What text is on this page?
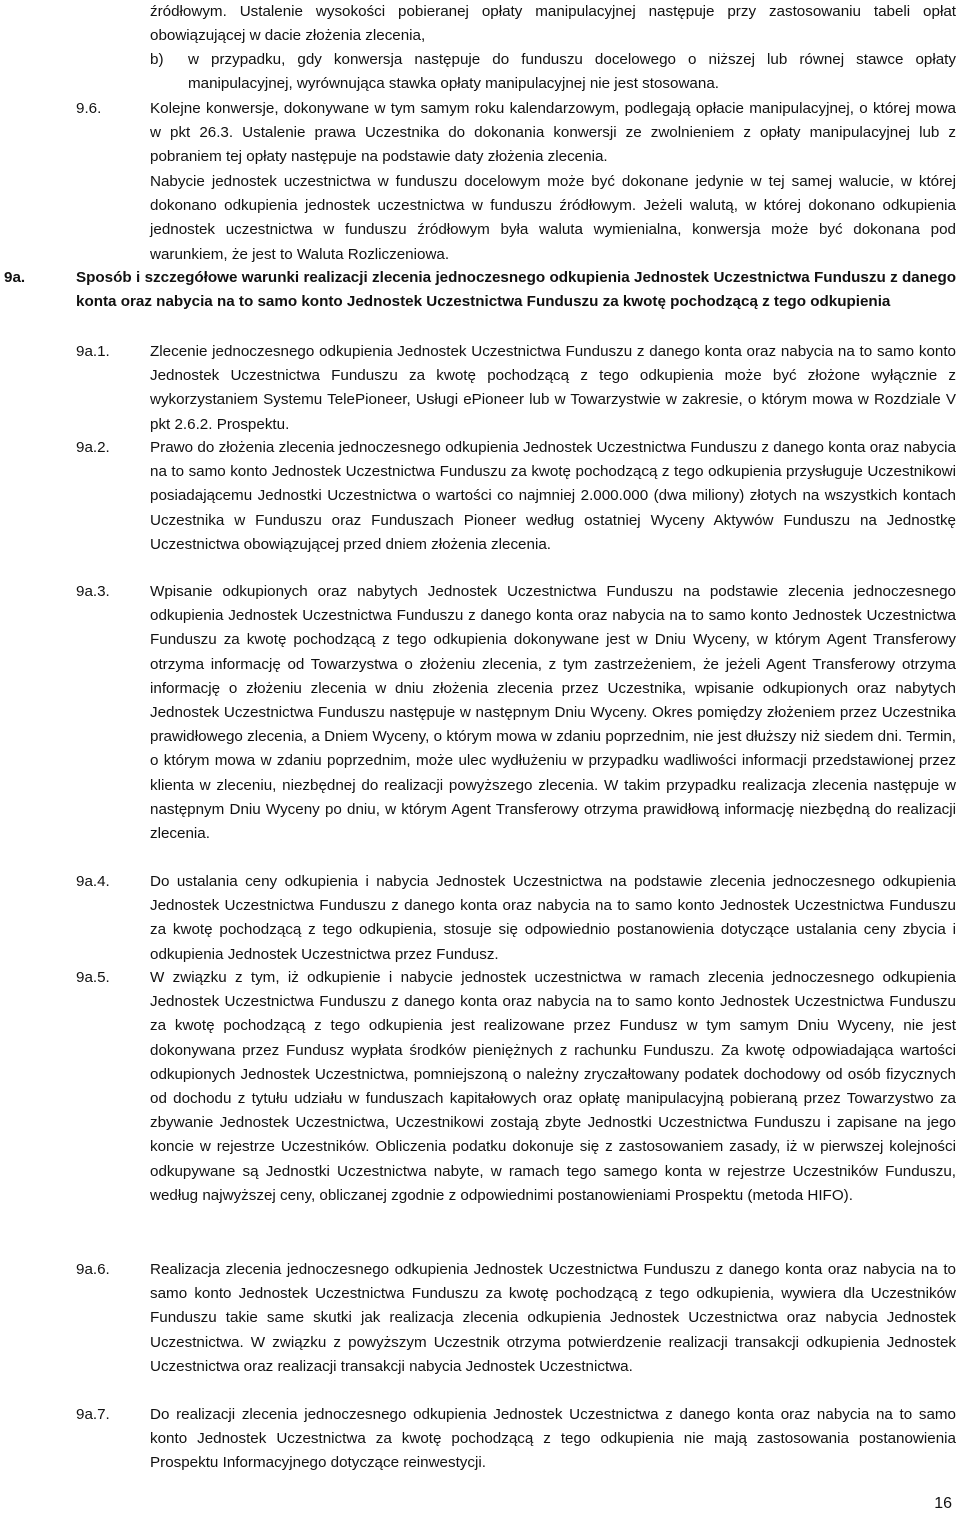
źródłowym. Ustalenie wysokości pobieranej opłaty manipulacyjnej następuje przy zastosowaniu tabeli opłat obowiązującej w dacie złożenia zlecenia,
b)	w przypadku, gdy konwersja następuje do funduszu docelowego o niższej lub równej stawce opłaty manipulacyjnej, wyrównująca stawka opłaty manipulacyjnej nie jest stosowana.
9.6.	Kolejne konwersje, dokonywane w tym samym roku kalendarzowym, podlegają opłacie manipulacyjnej, o której mowa w pkt 26.3. Ustalenie prawa Uczestnika do dokonania konwersji ze zwolnieniem z opłaty manipulacyjnej lub z pobraniem tej opłaty następuje na podstawie daty złożenia zlecenia.
Nabycie jednostek uczestnictwa w funduszu docelowym może być dokonane jedynie w tej samej walucie, w której dokonano odkupienia jednostek uczestnictwa w funduszu źródłowym. Jeżeli walutą, w której dokonano odkupienia jednostek uczestnictwa w funduszu źródłowym była waluta wymienialna, konwersja może być dokonana pod warunkiem, że jest to Waluta Rozliczeniowa.
9a.	Sposób i szczegółowe warunki realizacji zlecenia jednoczesnego odkupienia Jednostek Uczestnictwa Funduszu z danego konta oraz nabycia na to samo konto Jednostek Uczestnictwa Funduszu za kwotę pochodzącą z tego odkupienia
9a.1.	Zlecenie jednoczesnego odkupienia Jednostek Uczestnictwa Funduszu z danego konta oraz nabycia na to samo konto Jednostek Uczestnictwa Funduszu za kwotę pochodzącą z tego odkupienia może być złożone wyłącznie z wykorzystaniem Systemu TelePioneer, Usługi ePioneer lub w Towarzystwie w zakresie, o którym mowa w Rozdziale V pkt 2.6.2. Prospektu.
9a.2.	Prawo do złożenia zlecenia jednoczesnego odkupienia Jednostek Uczestnictwa Funduszu z danego konta oraz nabycia na to samo konto Jednostek Uczestnictwa Funduszu za kwotę pochodzącą z tego odkupienia przysługuje Uczestnikowi posiadającemu Jednostki Uczestnictwa o wartości co najmniej 2.000.000 (dwa miliony) złotych na wszystkich kontach Uczestnika w Funduszu oraz Funduszach Pioneer według ostatniej Wyceny Aktywów Funduszu na Jednostkę Uczestnictwa obowiązującej przed dniem złożenia zlecenia.
9a.3.	Wpisanie odkupionych oraz nabytych Jednostek Uczestnictwa Funduszu na podstawie zlecenia jednoczesnego odkupienia Jednostek Uczestnictwa Funduszu z danego konta oraz nabycia na to samo konto Jednostek Uczestnictwa Funduszu za kwotę pochodzącą z tego odkupienia dokonywane jest w Dniu Wyceny, w którym Agent Transferowy otrzyma informację od Towarzystwa o złożeniu zlecenia, z tym zastrzeżeniem, że jeżeli Agent Transferowy otrzyma informację o złożeniu zlecenia w dniu złożenia zlecenia przez Uczestnika, wpisanie odkupionych oraz nabytych Jednostek Uczestnictwa Funduszu następuje w następnym Dniu Wyceny. Okres pomiędzy złożeniem przez Uczestnika prawidłowego zlecenia, a Dniem Wyceny, o którym mowa w zdaniu poprzednim, nie jest dłuższy niż siedem dni. Termin, o którym mowa w zdaniu poprzednim, może ulec wydłużeniu w przypadku wadliwości informacji przedstawionej przez klienta w zleceniu, niezbędnej do realizacji powyższego zlecenia. W takim przypadku realizacja zlecenia następuje w następnym Dniu Wyceny po dniu, w którym Agent Transferowy otrzyma prawidłową informację niezbędną do realizacji zlecenia.
9a.4.	Do ustalania ceny odkupienia i nabycia Jednostek Uczestnictwa na podstawie zlecenia jednoczesnego odkupienia Jednostek Uczestnictwa Funduszu z danego konta oraz nabycia na to samo konto Jednostek Uczestnictwa Funduszu za kwotę pochodzącą z tego odkupienia, stosuje się odpowiednio postanowienia dotyczące ustalania ceny zbycia i odkupienia Jednostek Uczestnictwa przez Fundusz.
9a.5.	W związku z tym, iż odkupienie i nabycie jednostek uczestnictwa w ramach zlecenia jednoczesnego odkupienia Jednostek Uczestnictwa Funduszu z danego konta oraz nabycia na to samo konto Jednostek Uczestnictwa Funduszu za kwotę pochodzącą z tego odkupienia jest realizowane przez Fundusz w tym samym Dniu Wyceny, nie jest dokonywana przez Fundusz wypłata środków pieniężnych z rachunku Funduszu. Za kwotę odpowiadająca wartości odkupionych Jednostek Uczestnictwa, pomniejszoną o należny zryczałtowany podatek dochodowy od osób fizycznych od dochodu z tytułu udziału w funduszach kapitałowych oraz opłatę manipulacyjną pobieraną przez Towarzystwo za zbywanie Jednostek Uczestnictwa, Uczestnikowi zostają zbyte Jednostki Uczestnictwa Funduszu i zapisane na jego koncie w rejestrze Uczestników. Obliczenia podatku dokonuje się z zastosowaniem zasady, iż w pierwszej kolejności odkupywane są Jednostki Uczestnictwa nabyte, w ramach tego samego konta w rejestrze Uczestników Funduszu, według najwyższej ceny, obliczanej zgodnie z odpowiednimi postanowieniami Prospektu (metoda HIFO).
9a.6.	Realizacja zlecenia jednoczesnego odkupienia Jednostek Uczestnictwa Funduszu z danego konta oraz nabycia na to samo konto Jednostek Uczestnictwa Funduszu za kwotę pochodzącą z tego odkupienia, wywiera dla Uczestników Funduszu takie same skutki jak realizacja zlecenia odkupienia Jednostek Uczestnictwa oraz nabycia Jednostek Uczestnictwa. W związku z powyższym Uczestnik otrzyma potwierdzenie realizacji transakcji odkupienia Jednostek Uczestnictwa oraz realizacji transakcji nabycia Jednostek Uczestnictwa.
9a.7.	Do realizacji zlecenia jednoczesnego odkupienia Jednostek Uczestnictwa z danego konta oraz nabycia na to samo konto Jednostek Uczestnictwa za kwotę pochodzącą z tego odkupienia nie mają zastosowania postanowienia Prospektu Informacyjnego dotyczące reinwestycji.
16
